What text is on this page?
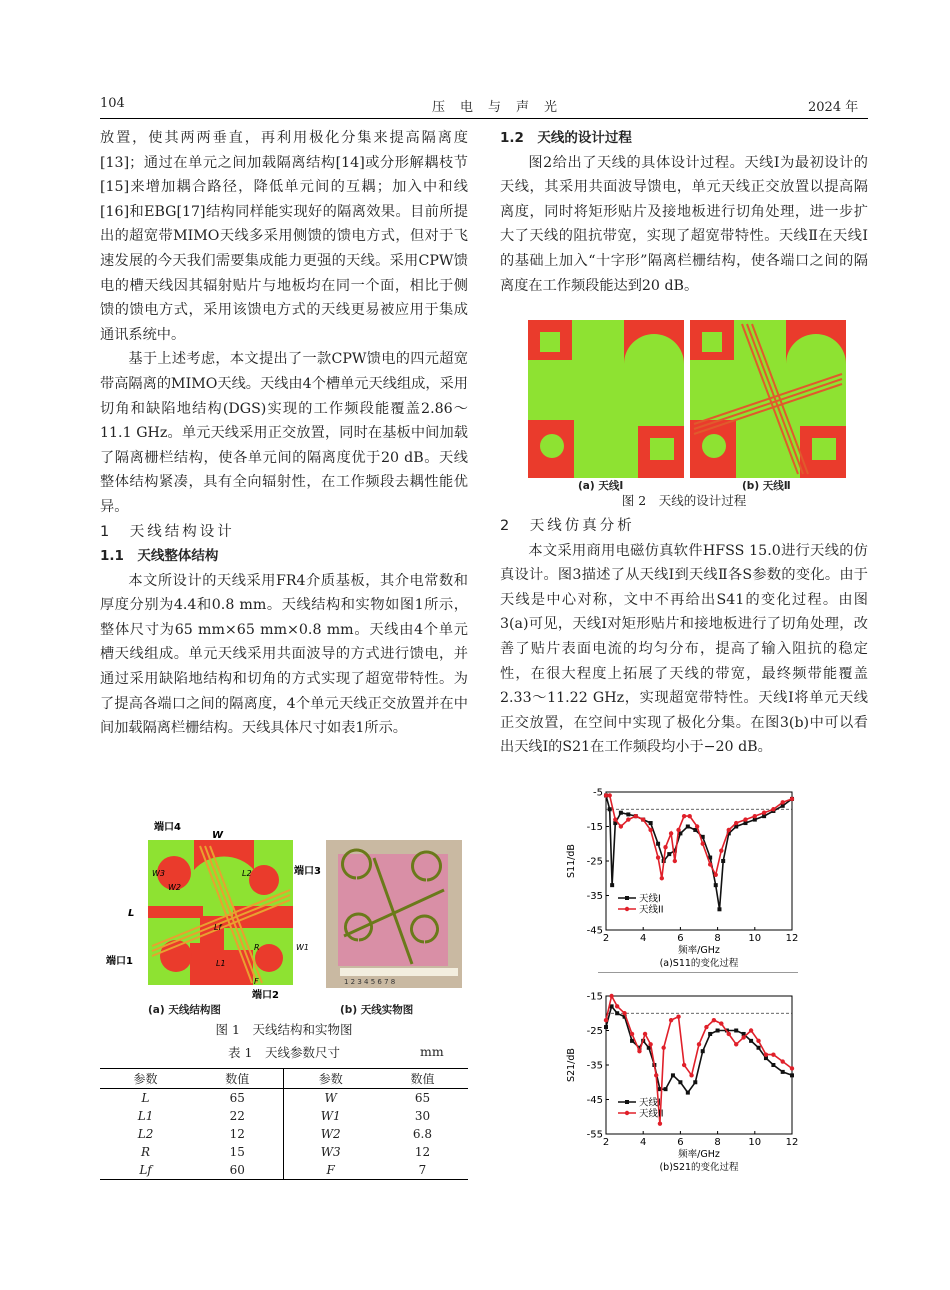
104	压　电　与　声　光	2024 年

放置，使其两两垂直，再利用极化分集来提高隔离度[13]；通过在单元之间加载隔离结构[14]或分形解耦枝节[15]来增加耦合路径，降低单元间的互耦；加入中和线[16]和EBG[17]结构同样能实现好的隔离效果。目前所提出的超宽带MIMO天线多采用侧馈的馈电方式，但对于飞速发展的今天我们需要集成能力更强的天线。采用CPW馈电的槽天线因其辐射贴片与地板均在同一个面，相比于侧馈的馈电方式，采用该馈电方式的天线更易被应用于集成通讯系统中。

基于上述考虑，本文提出了一款CPW馈电的四元超宽带高隔离的MIMO天线。天线由4个槽单元天线组成，采用切角和缺陷地结构(DGS)实现的工作频段能覆盖2.86～11.1 GHz。单元天线采用正交放置，同时在基板中间加载了隔离栅栏结构，使各单元间的隔离度优于20 dB。天线整体结构紧凑，具有全向辐射性，在工作频段去耦性能优异。

1　天线结构设计

1.1　天线整体结构

本文所设计的天线采用FR4介质基板，其介电常数和厚度分别为4.4和0.8 mm。天线结构和实物如图1所示，整体尺寸为65 mm×65 mm×0.8 mm。天线由4个单元槽天线组成。单元天线采用共面波导的方式进行馈电，并通过采用缺陷地结构和切角的方式实现了超宽带特性。为了提高各端口之间的隔离度，4个单元天线正交放置并在中间加载隔离栏栅结构。天线具体尺寸如表1所示。

端口4
W
L
端口3
端口1
端口2
W3
W2
L2
Lf
L1
R	W1
F	1 2 3 4 5 6 7 8
(a) 天线结构图	(b) 天线实物图
图 1　天线结构和实物图
表 1　天线参数尺寸	mm
参数	数值	参数	数值
L	65	W	65
L1	22	W1	30
L2	12	W2	6.8
R	15	W3	12
Lf	60	F	7

1.2　天线的设计过程

图2给出了天线的具体设计过程。天线Ⅰ为最初设计的天线，其采用共面波导馈电，单元天线正交放置以提高隔离度，同时将矩形贴片及接地板进行切角处理，进一步扩大了天线的阻抗带宽，实现了超宽带特性。天线Ⅱ在天线Ⅰ的基础上加入“十字形”隔离栏栅结构，使各端口之间的隔离度在工作频段能达到20 dB。

(a) 天线Ⅰ	(b) 天线Ⅱ
图 2　天线的设计过程

2　天线仿真分析

本文采用商用电磁仿真软件HFSS 15.0进行天线的仿真设计。图3描述了从天线Ⅰ到天线Ⅱ各S参数的变化。由于天线是中心对称，文中不再给出S41的变化过程。由图3(a)可见，天线Ⅰ对矩形贴片和接地板进行了切角处理，改善了贴片表面电流的均匀分布，提高了输入阻抗的稳定性，在很大程度上拓展了天线的带宽，最终频带能覆盖2.33～11.22 GHz，实现超宽带特性。天线Ⅰ将单元天线正交放置，在空间中实现了极化分集。在图3(b)中可以看出天线Ⅰ的S21在工作频段均小于−20 dB。

2	4	6	8	10 12
-5
-15
-25
-35
-45
频率/GHz
S11/dB
(a)S11的变化过程
天线I
天线II
2	4	6	8	10 12
-15
-25
-35
-45
-55
频率/GHz
S21/dB
(b)S21的变化过程
天线I
天线II
